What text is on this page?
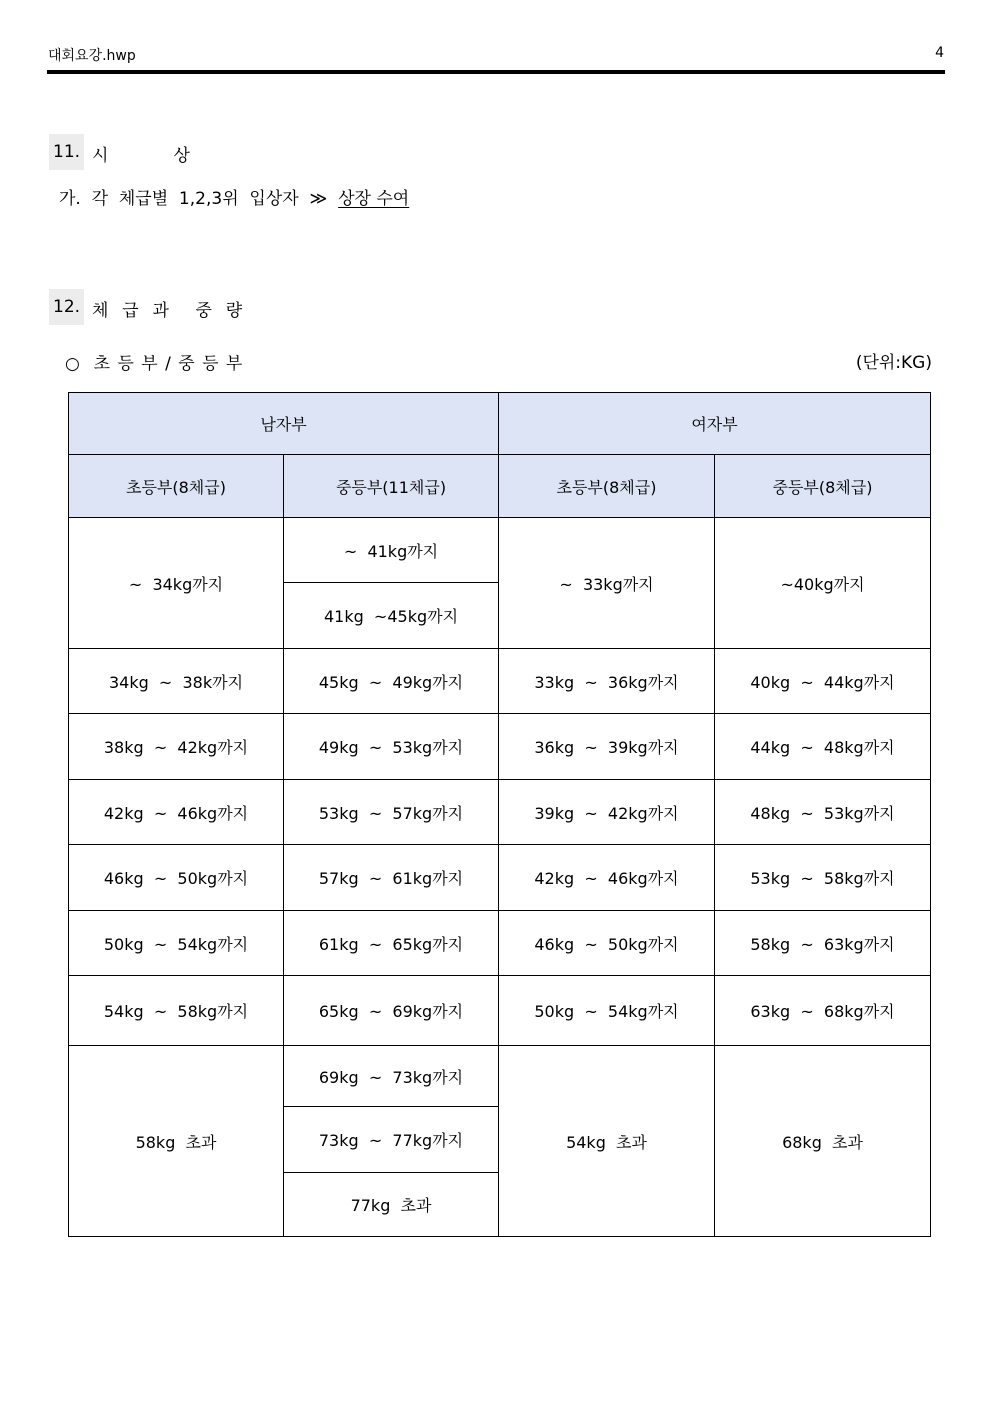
대회요강.hwp	4
11. 시          상
가.  각  체급별  1,2,3위  입상자  ≫  상장 수여
12. 체  급  과    중  량
○  초 등 부 / 중 등 부	(단위:KG)
남자부		여자부	
초등부(8체급)	중등부(11체급)	초등부(8체급)	중등부(8체급)
~  34kg까지	~  41kg까지	~  33kg까지	~40kg까지
	41kg  ~45kg까지		
34kg  ~  38k까지	45kg  ~  49kg까지	33kg  ~  36kg까지	40kg  ~  44kg까지
38kg  ~  42kg까지	49kg  ~  53kg까지	36kg  ~  39kg까지	44kg  ~  48kg까지
42kg  ~  46kg까지	53kg  ~  57kg까지	39kg  ~  42kg까지	48kg  ~  53kg까지
46kg  ~  50kg까지	57kg  ~  61kg까지	42kg  ~  46kg까지	53kg  ~  58kg까지
50kg  ~  54kg까지	61kg  ~  65kg까지	46kg  ~  50kg까지	58kg  ~  63kg까지
54kg  ~  58kg까지	65kg  ~  69kg까지	50kg  ~  54kg까지	63kg  ~  68kg까지
58kg  초과	69kg  ~  73kg까지	54kg  초과	68kg  초과
	73kg  ~  77kg까지		
	77kg  초과		
